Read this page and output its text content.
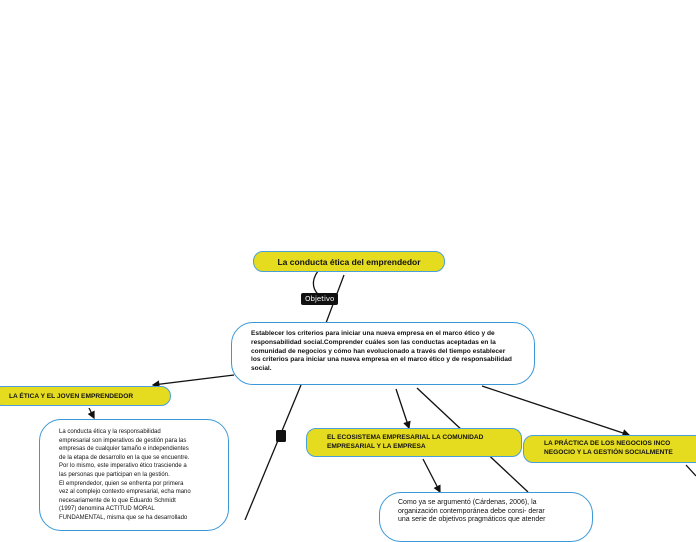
La conducta ética del emprendedor
Objetivo
Establecer los criterios para iniciar una nueva empresa en el marco ético y de responsabilidad social.Comprender cuáles son las conductas aceptadas en la comunidad de negocios y cómo han evolucionado a través del tiempo establecer los criterios para iniciar una nueva empresa en el marco ético y de responsabilidad social.
LA ÉTICA Y EL JOVEN EMPRENDEDOR
La conducta ética y la responsabilidad
empresarial son imperativos de gestión para las
empresas de cualquier tamaño e independientes
de la etapa de desarrollo en la que se encuentre.
Por lo mismo, este imperativo ético trasciende a
las personas que participan en la gestión.
El emprendedor, quien se enfrenta por primera
vez al complejo contexto empresarial, echa mano
necesariamente de lo que Eduardo Schmidt
(1997) denomina ACTITUD MORAL
FUNDAMENTAL, misma que se ha desarrollado
EL ECOSISTEMA EMPRESARIAL LA COMUNIDAD EMPRESARIAL Y LA EMPRESA	LA PRÁCTICA DE LOS NEGOCIOS INCO NEGOCIO Y LA GESTIÓN SOCIALMENTE
Como ya se argumentó (Cárdenas, 2006), la
organización contemporánea debe consi- derar
una serie de objetivos pragmáticos que atender
